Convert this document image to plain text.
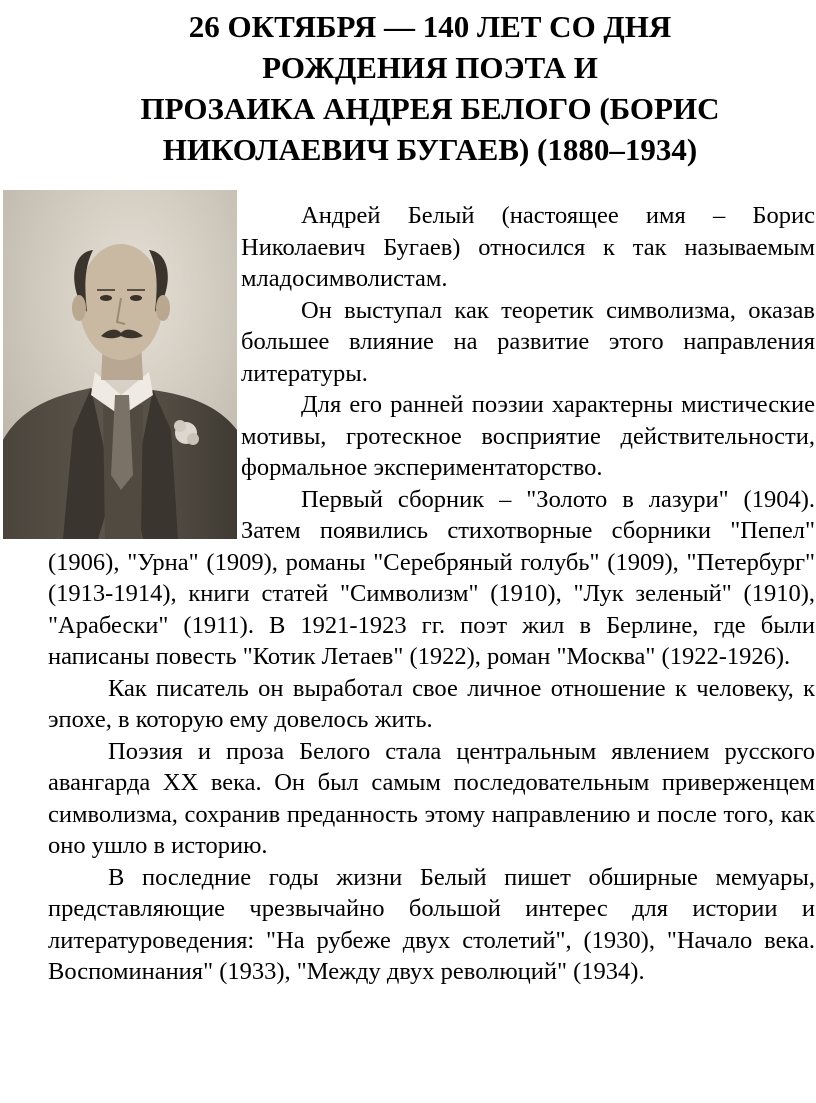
26 ОКТЯБРЯ — 140 ЛЕТ СО ДНЯ
РОЖДЕНИЯ ПОЭТА И
ПРОЗАИКА АНДРЕЯ БЕЛОГО (БОРИС
НИКОЛАЕВИЧ БУГАЕВ) (1880–1934)

Андрей Белый (настоящее имя – Борис Николаевич Бугаев) относился к так называемым младосимволистам.

Он выступал как теоретик символизма, оказав большее влияние на развитие этого направления литературы.

Для его ранней поэзии характерны мистические мотивы, гротескное восприятие действительности, формальное экспериментаторство.

Первый сборник – "Золото в лазури" (1904). Затем появились стихотворные сборники "Пепел" (1906), "Урна" (1909), романы "Серебряный голубь" (1909), "Петербург" (1913-1914), книги статей "Символизм" (1910), "Лук зеленый" (1910), "Арабески" (1911). В 1921-1923 гг. поэт жил в Берлине, где были написаны повесть "Котик Летаев" (1922), роман "Москва" (1922-1926).

Как писатель он выработал свое личное отношение к человеку, к эпохе, в которую ему довелось жить.

Поэзия и проза Белого стала центральным явлением русского авангарда XX века. Он был самым последовательным приверженцем символизма, сохранив преданность этому направлению и после того, как оно ушло в историю.

В последние годы жизни Белый пишет обширные мемуары, представляющие чрезвычайно большой интерес для истории и литературоведения: "На рубеже двух столетий", (1930), "Начало века. Воспоминания" (1933), "Между двух революций" (1934).
